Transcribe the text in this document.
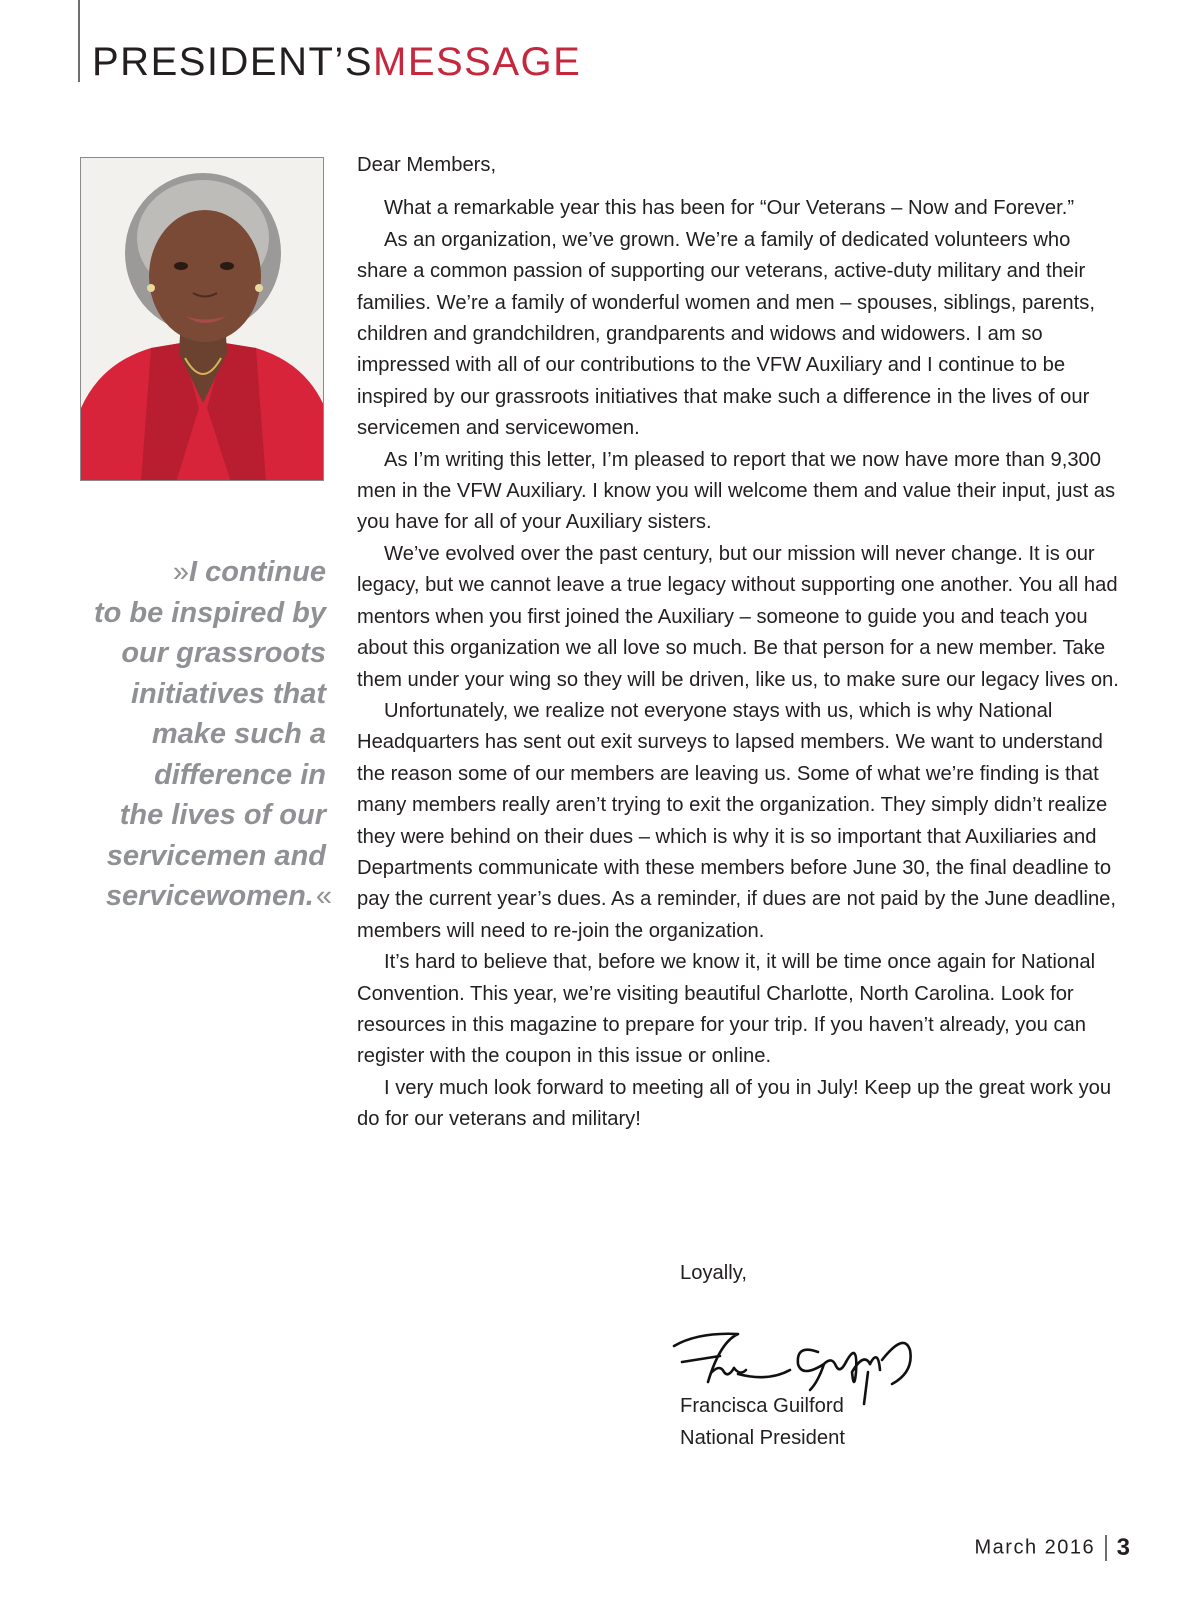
PRESIDENT’SMESSAGE
» I continue
to be inspired by
our grassroots
initiatives that
make such a
difference in
the lives of our
servicemen and
servicewomen.«

Dear Members,

What a remarkable year this has been for “Our Veterans – Now and Forever.”

As an organization, we’ve grown. We’re a family of dedicated volunteers who share a common passion of supporting our veterans, active-duty military and their families. We’re a family of wonderful women and men – spouses, siblings, parents, children and grandchildren, grandparents and widows and widowers. I am so impressed with all of our contributions to the VFW Auxiliary and I continue to be inspired by our grassroots initiatives that make such a difference in the lives of our servicemen and servicewomen.

As I’m writing this letter, I’m pleased to report that we now have more than 9,300 men in the VFW Auxiliary. I know you will welcome them and value their input, just as you have for all of your Auxiliary sisters.

We’ve evolved over the past century, but our mission will never change. It is our legacy, but we cannot leave a true legacy without supporting one another. You all had mentors when you first joined the Auxiliary – someone to guide you and teach you about this organization we all love so much. Be that person for a new member. Take them under your wing so they will be driven, like us, to make sure our legacy lives on.

Unfortunately, we realize not everyone stays with us, which is why National Headquarters has sent out exit surveys to lapsed members. We want to understand the reason some of our members are leaving us. Some of what we’re finding is that many members really aren’t trying to exit the organization. They simply didn’t realize they were behind on their dues – which is why it is so important that Auxiliaries and Departments communicate with these members before June 30, the final deadline to pay the current year’s dues. As a reminder, if dues are not paid by the June deadline, members will need to re-join the organization.

It’s hard to believe that, before we know it, it will be time once again for National Convention. This year, we’re visiting beautiful Charlotte, North Carolina. Look for resources in this magazine to prepare for your trip. If you haven’t already, you can register with the coupon in this issue or online.

I very much look forward to meeting all of you in July! Keep up the great work you do for our veterans and military!

Loyally,
Francisca Guilford
National President
March 2016 3
